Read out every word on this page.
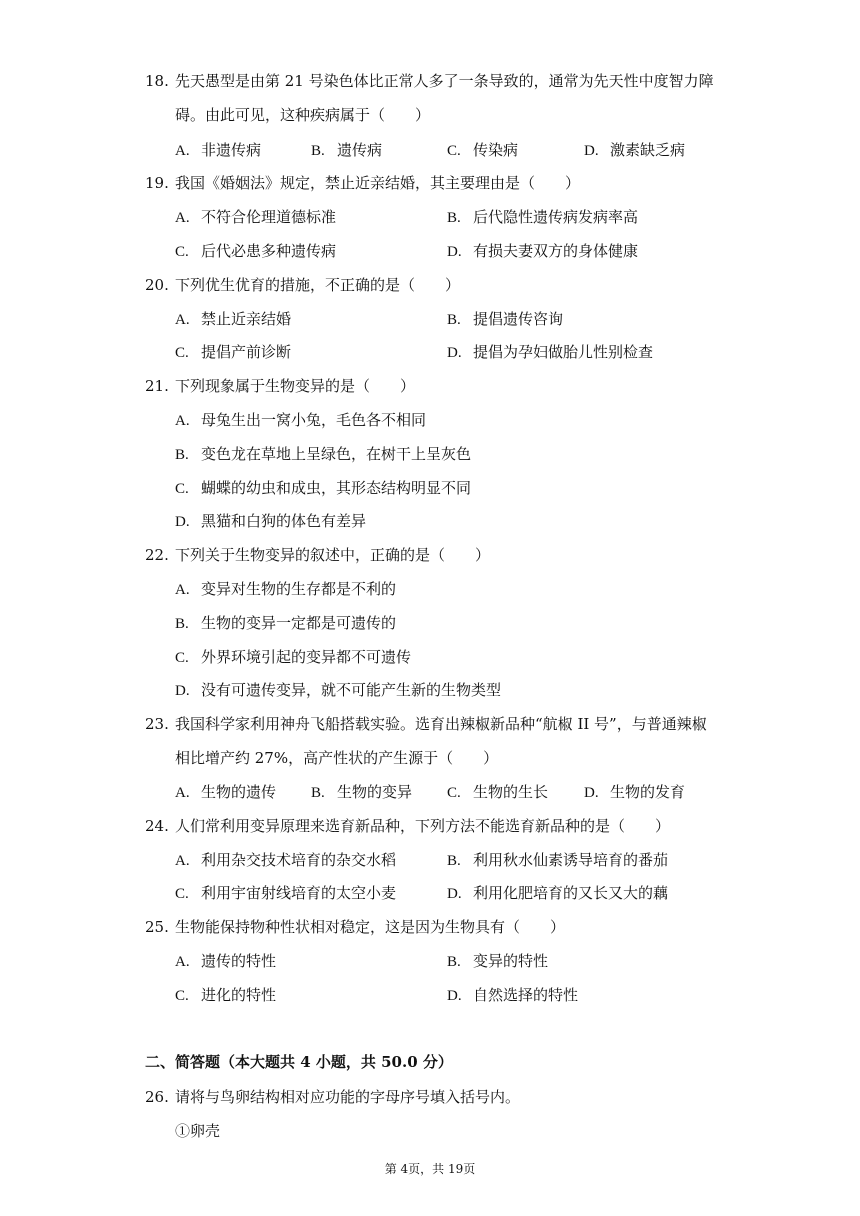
18. 先天愚型是由第 21 号染色体比正常人多了一条导致的，通常为先天性中度智力障
碍。由此可见，这种疾病属于（　　）
A. 非遗传病	B. 遗传病	C. 传染病	D. 激素缺乏病
19. 我国《婚姻法》规定，禁止近亲结婚，其主要理由是（　　）
A. 不符合伦理道德标准	B. 后代隐性遗传病发病率高
C. 后代必患多种遗传病	D. 有损夫妻双方的身体健康
20. 下列优生优育的措施，不正确的是（　　）
A. 禁止近亲结婚	B. 提倡遗传咨询
C. 提倡产前诊断	D. 提倡为孕妇做胎儿性别检查
21. 下列现象属于生物变异的是（　　）
A. 母兔生出一窝小兔，毛色各不相同
B. 变色龙在草地上呈绿色，在树干上呈灰色
C. 蝴蝶的幼虫和成虫，其形态结构明显不同
D. 黑猫和白狗的体色有差异
22. 下列关于生物变异的叙述中，正确的是（　　）
A. 变异对生物的生存都是不利的
B. 生物的变异一定都是可遗传的
C. 外界环境引起的变异都不可遗传
D. 没有可遗传变异，就不可能产生新的生物类型
23. 我国科学家利用神舟飞船搭载实验。选育出辣椒新品种“航椒 II 号”，与普通辣椒
相比增产约 27%，高产性状的产生源于（　　）
A. 生物的遗传 B. 生物的变异 C. 生物的生长 D. 生物的发育
24. 人们常利用变异原理来选育新品种，下列方法不能选育新品种的是（　　）
A. 利用杂交技术培育的杂交水稻	B. 利用秋水仙素诱导培育的番茄
C. 利用宇宙射线培育的太空小麦	D. 利用化肥培育的又长又大的藕
25. 生物能保持物种性状相对稳定，这是因为生物具有（　　）
A. 遗传的特性	B. 变异的特性
C. 进化的特性	D. 自然选择的特性
二、简答题（本大题共 4 小题，共 50.0 分）
26. 请将与鸟卵结构相对应功能的字母序号填入括号内。
①卵壳
第 4页，共 19页
